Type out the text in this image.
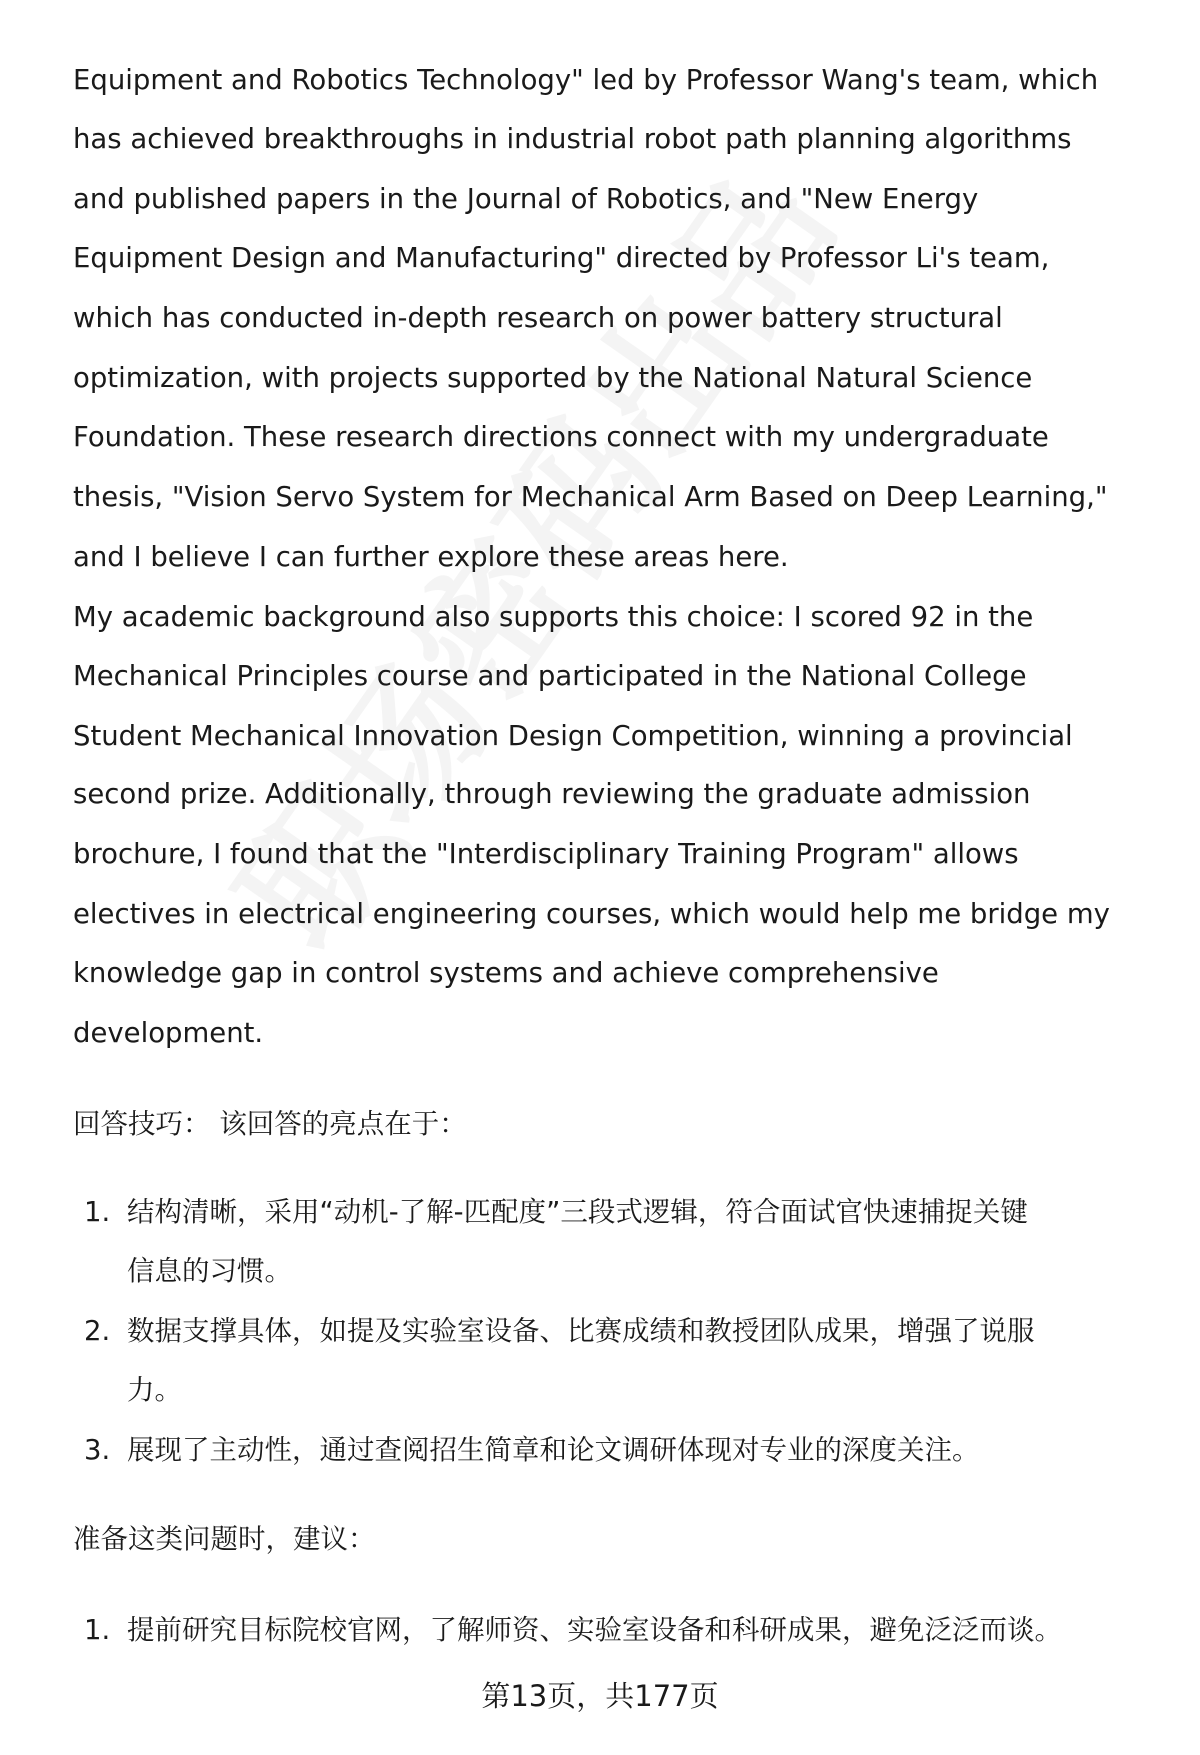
Equipment and Robotics Technology" led by Professor Wang's team, which
has achieved breakthroughs in industrial robot path planning algorithms
and published papers in the Journal of Robotics, and "New Energy
Equipment Design and Manufacturing" directed by Professor Li's team,
which has conducted in-depth research on power battery structural
optimization, with projects supported by the National Natural Science
Foundation. These research directions connect with my undergraduate
thesis, "Vision Servo System for Mechanical Arm Based on Deep Learning,"
and I believe I can further explore these areas here.
My academic background also supports this choice: I scored 92 in the
Mechanical Principles course and participated in the National College
Student Mechanical Innovation Design Competition, winning a provincial
second prize. Additionally, through reviewing the graduate admission
brochure, I found that the "Interdisciplinary Training Program" allows
electives in electrical engineering courses, which would help me bridge my
knowledge gap in control systems and achieve comprehensive
development.
回答技巧： 该回答的亮点在于：
1. 结构清晰，采用“动机-了解-匹配度”三段式逻辑，符合面试官快速捕捉关键
信息的习惯。
2. 数据支撑具体，如提及实验室设备、比赛成绩和教授团队成果，增强了说服
力。
3. 展现了主动性，通过查阅招生简章和论文调研体现对专业的深度关注。
准备这类问题时，建议：
1. 提前研究目标院校官网，了解师资、实验室设备和科研成果，避免泛泛而谈。
第13页，共177页
